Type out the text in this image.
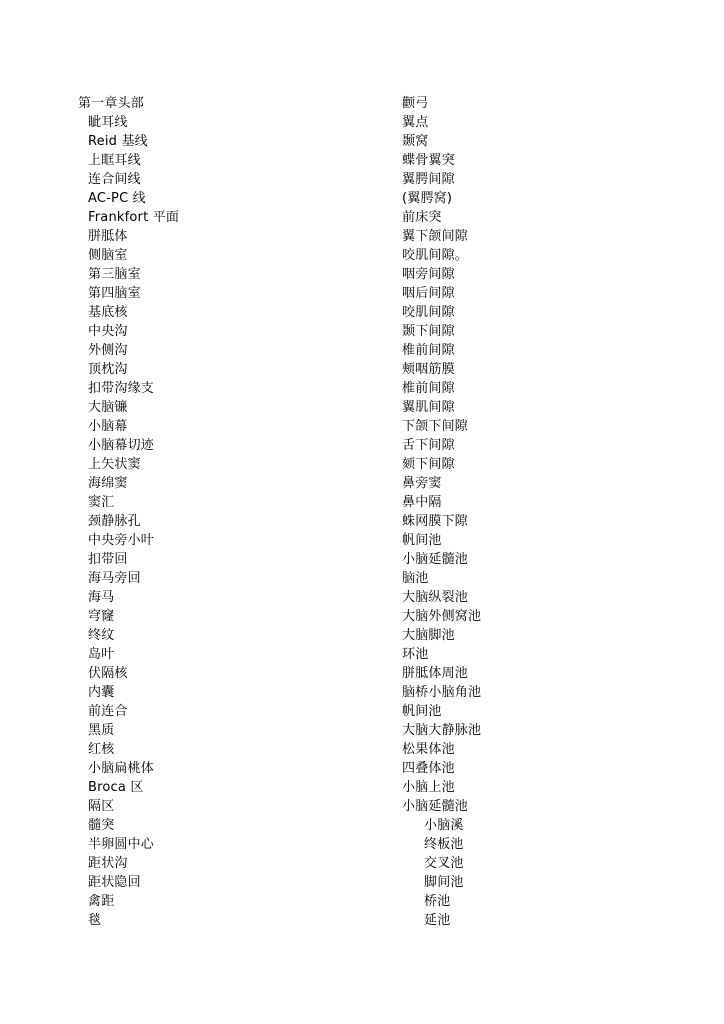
第一章头部
眦耳线
Reid 基线
上眶耳线
连合间线
AC-PC 线
Frankfort 平面
胼胝体
侧脑室
第三脑室
第四脑室
基底核
中央沟
外侧沟
顶枕沟
扣带沟缘支
大脑镰
小脑幕
小脑幕切迹
上矢状窦
海绵窦
窦汇
颈静脉孔
中央旁小叶
扣带回
海马旁回
海马
穹窿
终纹
岛叶
伏隔核
内囊
前连合
黑质
红核
小脑扁桃体
Broca 区
隔区
髓突
半卵圆中心
距状沟
距状隐回
禽距
毯
颧弓
翼点
颞窝
蝶骨翼突
翼腭间隙
(翼腭窝)
前床突
翼下颌间隙
咬肌间隙。
咽旁间隙
咽后间隙
咬肌间隙
颞下间隙
椎前间隙
颊咽筋膜
椎前间隙
翼肌间隙
下颌下间隙
舌下间隙
颏下间隙
鼻旁窦
鼻中隔
蛛网膜下隙
帆间池
小脑延髓池
脑池
大脑纵裂池
大脑外侧窝池
大脑脚池
环池
胼胝体周池
脑桥小脑角池
帆间池
大脑大静脉池
松果体池
四叠体池
小脑上池
小脑延髓池
小脑溪
终板池
交叉池
脚间池
桥池
延池
